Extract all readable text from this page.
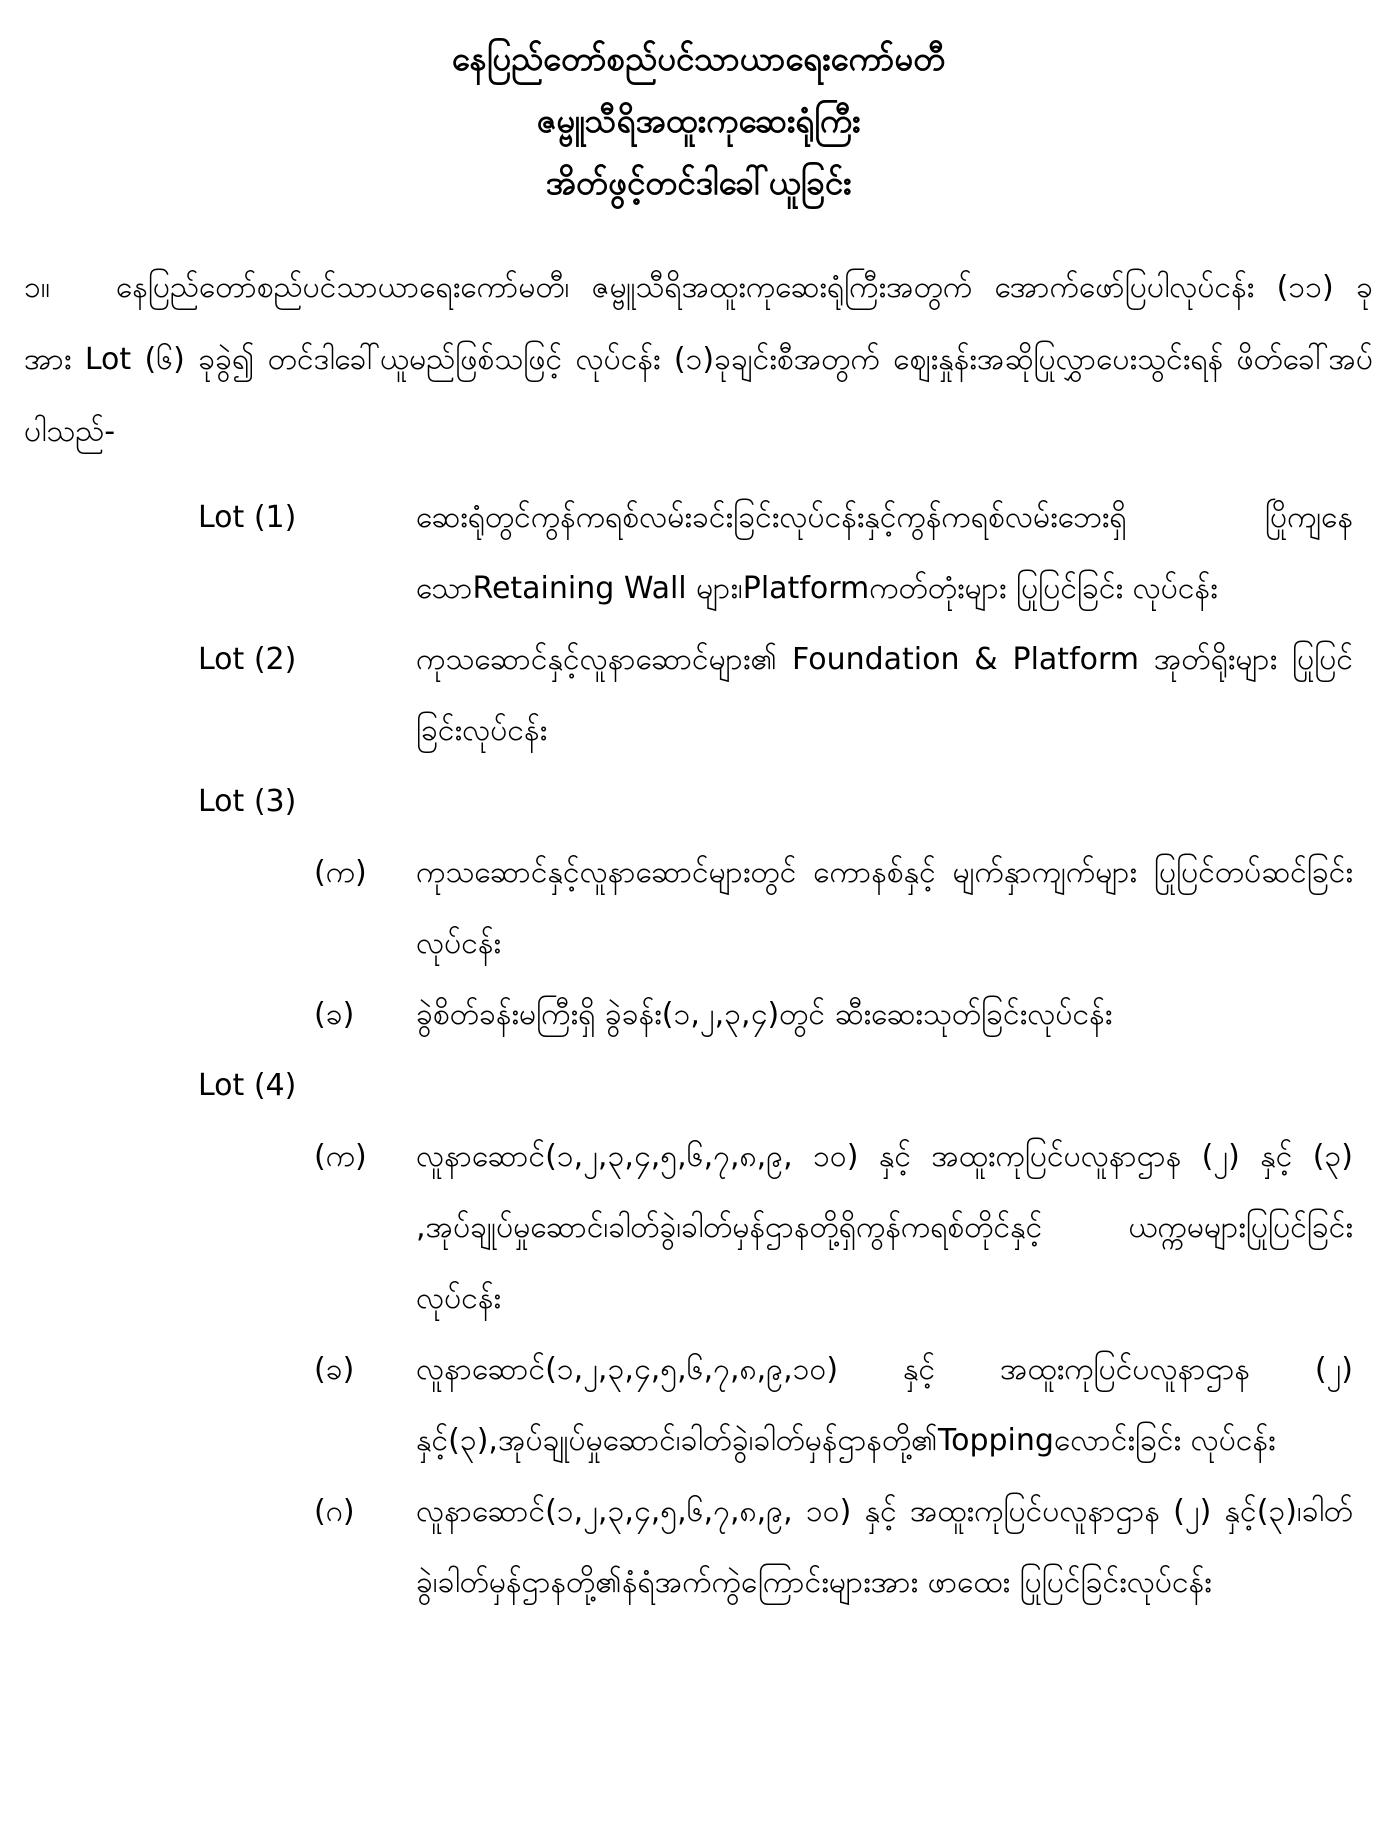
နေပြည်တော်စည်ပင်သာယာရေးကော်မတီ
ဇမ္ဗူသီရိအထူးကုဆေးရုံကြီး
အိတ်ဖွင့်တင်ဒါခေါ်ယူခြင်း

၁။ နေပြည်တော်စည်ပင်သာယာရေးကော်မတီ၊ ဇမ္ဗူသီရိအထူးကုဆေးရုံကြီးအတွက် အောက်ဖော်ပြပါလုပ်ငန်း (၁၁) ခု အား Lot (၆) ခုခွဲ၍ တင်ဒါခေါ်ယူမည်ဖြစ်သဖြင့် လုပ်ငန်း (၁)ခုချင်းစီအတွက် ဈေးနှုန်းအဆိုပြုလွှာပေးသွင်းရန် ဖိတ်ခေါ်အပ်ပါသည်-

Lot (1)	ဆေးရုံတွင်ကွန်ကရစ်လမ်းခင်းခြင်းလုပ်ငန်းနှင့်ကွန်ကရစ်လမ်းဘေးရှိ ပြိုကျနေသောRetaining Wall များ၊Platformကတ်တုံးများ ပြုပြင်ခြင်း လုပ်ငန်း
Lot (2)	ကုသဆောင်နှင့်လူနာဆောင်များ၏ Foundation & Platform အုတ်ရိုးများ ပြုပြင်ခြင်းလုပ်ငန်း
Lot (3)
(က)	ကုသဆောင်နှင့်လူနာဆောင်များတွင် ကောနစ်နှင့် မျက်နှာကျက်များ ပြုပြင်တပ်ဆင်ခြင်းလုပ်ငန်း
(ခ)	ခွဲစိတ်ခန်းမကြီးရှိ ခွဲခန်း(၁,၂,၃,၄)တွင် ဆီးဆေးသုတ်ခြင်းလုပ်ငန်း
Lot (4)
(က)	လူနာဆောင်(၁,၂,၃,၄,၅,၆,၇,၈,၉, ၁၀) နှင့် အထူးကုပြင်ပလူနာဌာန (၂) နှင့် (၃) ,အုပ်ချုပ်မှုဆောင်၊ခါတ်ခွဲ၊ခါတ်မှန်ဌာနတို့ရှိကွန်ကရစ်တိုင်နှင့် ယက္ကမများပြုပြင်ခြင်းလုပ်ငန်း
(ခ)	လူနာဆောင်(၁,၂,၃,၄,၅,၆,၇,၈,၉,၁၀) နှင့် အထူးကုပြင်ပလူနာဌာန (၂) နှင့်(၃),အုပ်ချုပ်မှုဆောင်၊ခါတ်ခွဲ၊ခါတ်မှန်ဌာနတို့၏Toppingလောင်းခြင်း လုပ်ငန်း
(ဂ)	လူနာဆောင်(၁,၂,၃,၄,၅,၆,၇,၈,၉, ၁၀) နှင့် အထူးကုပြင်ပလူနာဌာန (၂) နှင့်(၃)၊ခါတ်ခွဲ၊ခါတ်မှန်ဌာနတို့၏နံရံအက်ကွဲကြောင်းများအား ဖာထေး ပြုပြင်ခြင်းလုပ်ငန်း
